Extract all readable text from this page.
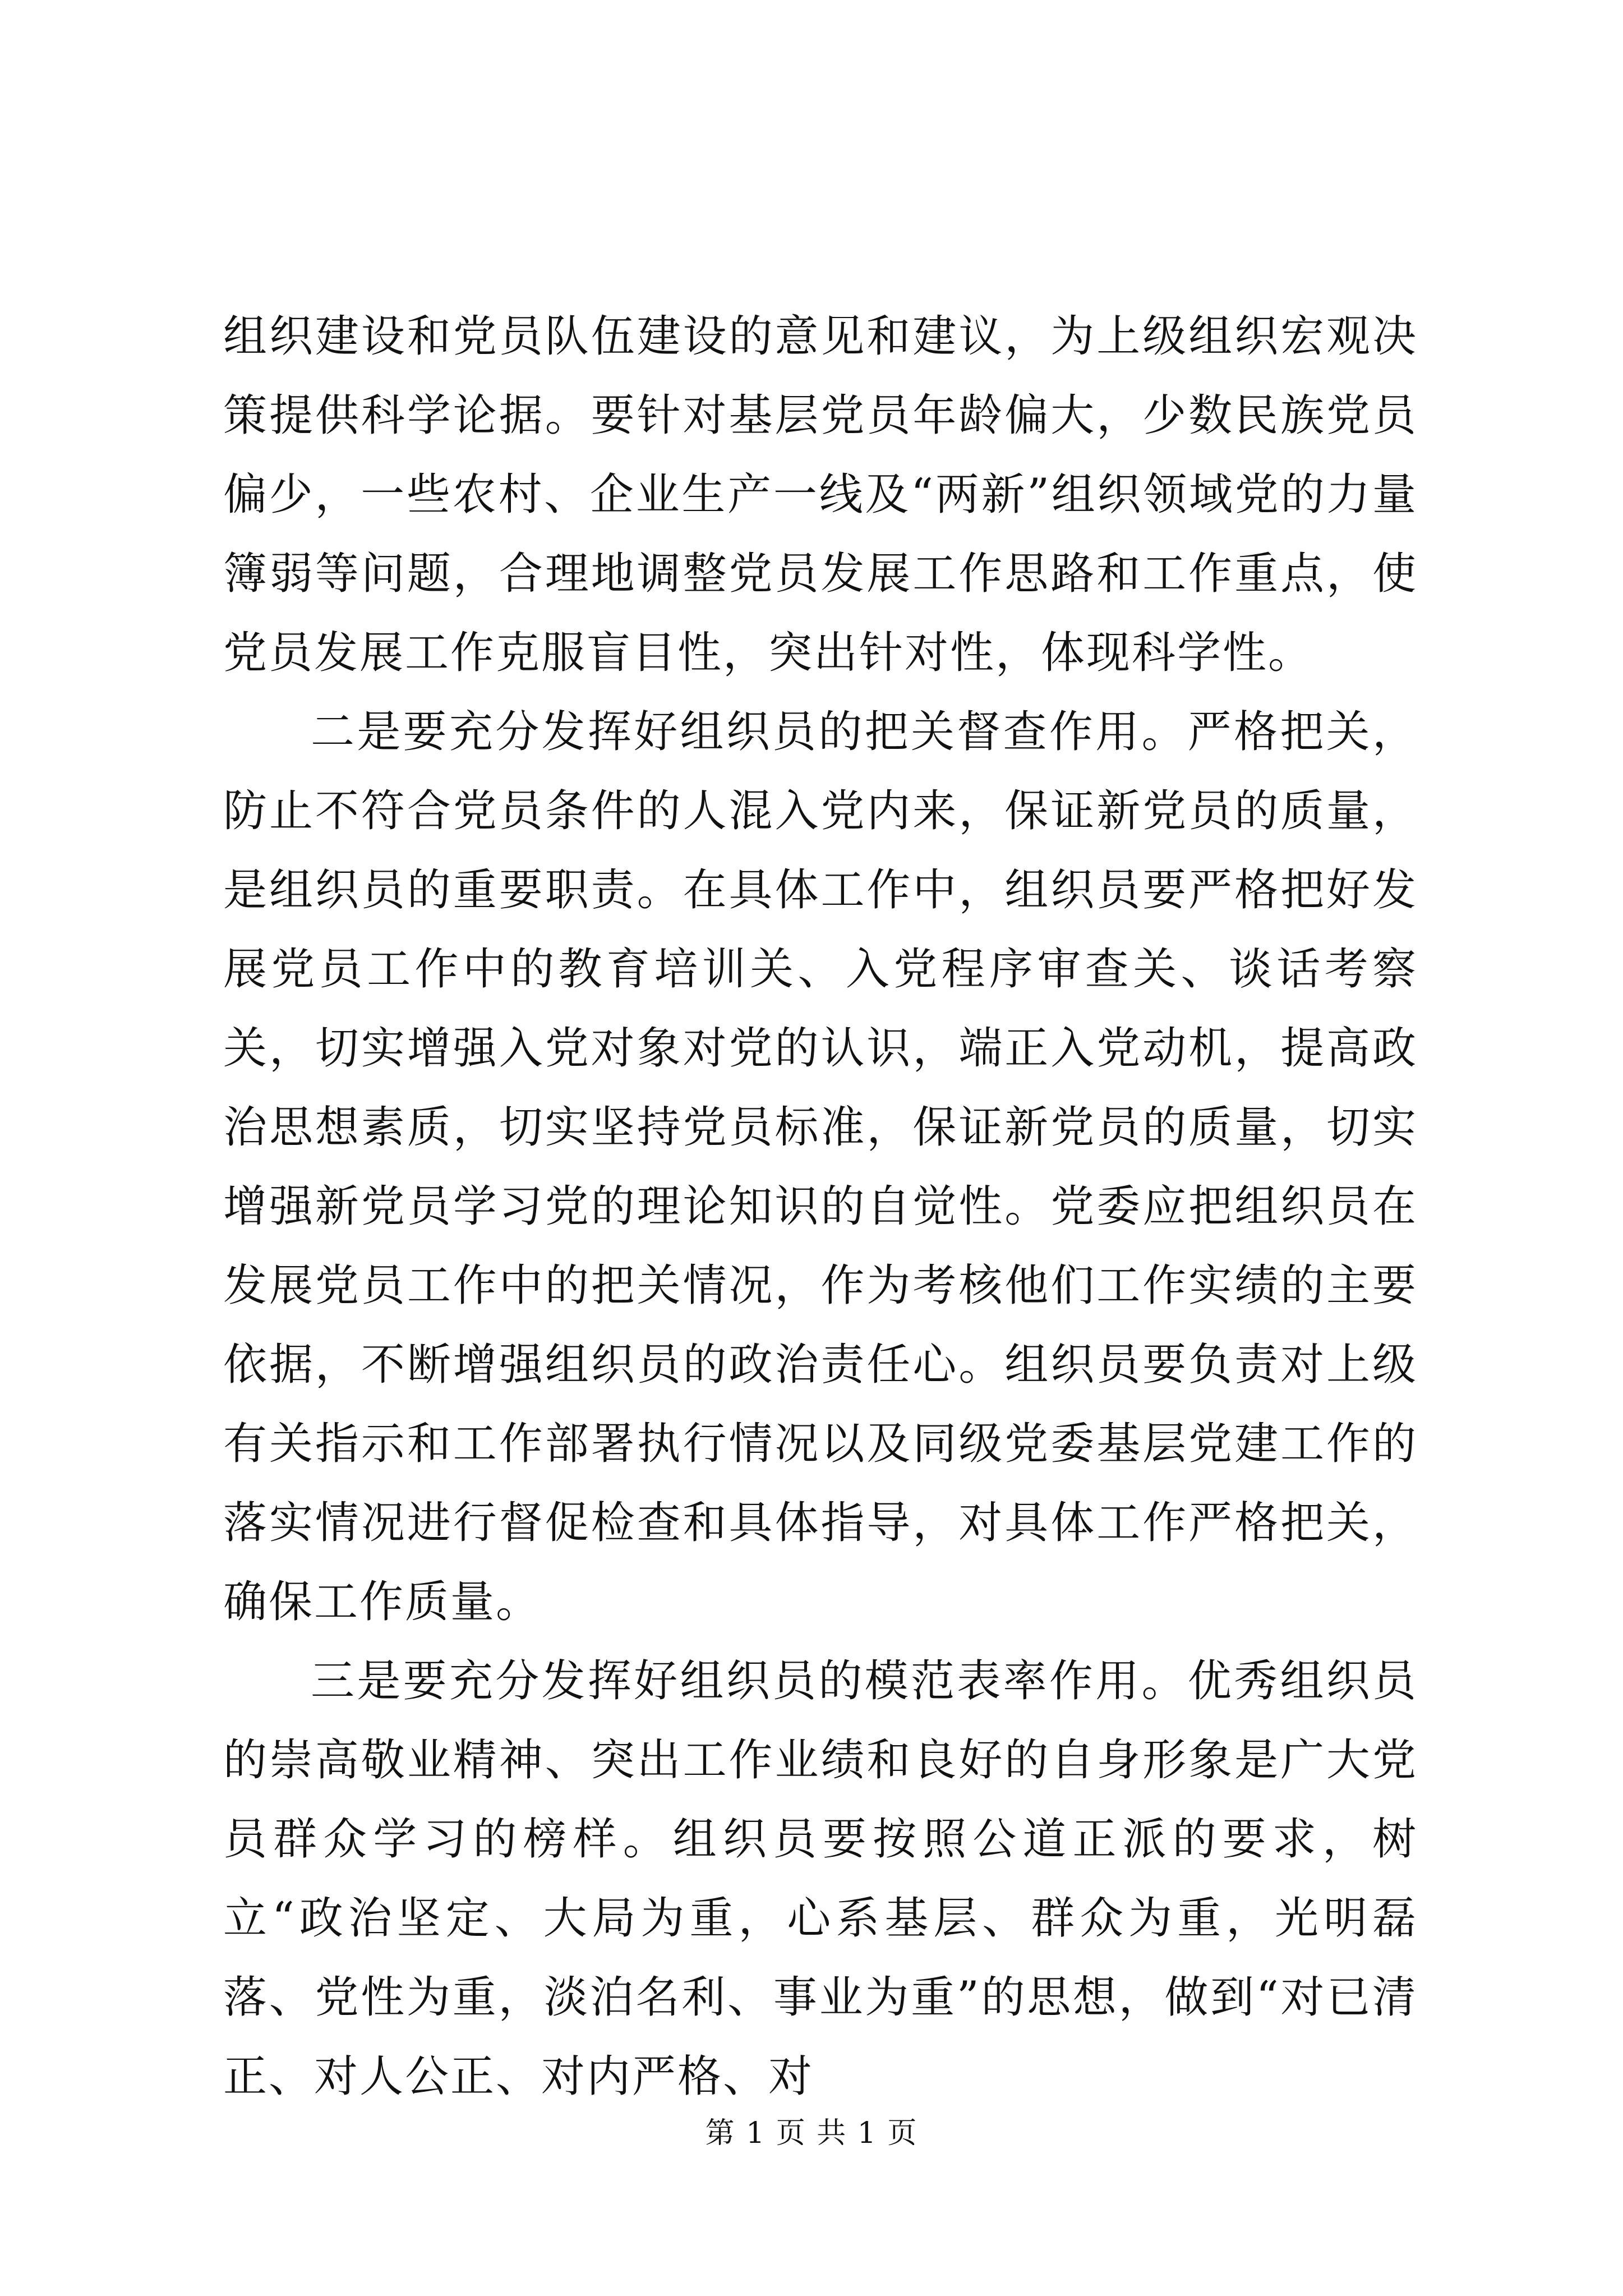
组织建设和党员队伍建设的意见和建议，为上级组织宏观决策提供科学论据。要针对基层党员年龄偏大，少数民族党员偏少，一些农村、企业生产一线及“两新”组织领域党的力量簿弱等问题，合理地调整党员发展工作思路和工作重点，使党员发展工作克服盲目性，突出针对性，体现科学性。

二是要充分发挥好组织员的把关督查作用。严格把关，防止不符合党员条件的人混入党内来，保证新党员的质量，是组织员的重要职责。在具体工作中，组织员要严格把好发展党员工作中的教育培训关、入党程序审查关、谈话考察关，切实增强入党对象对党的认识，端正入党动机，提高政治思想素质，切实坚持党员标准，保证新党员的质量，切实增强新党员学习党的理论知识的自觉性。党委应把组织员在发展党员工作中的把关情况，作为考核他们工作实绩的主要依据，不断增强组织员的政治责任心。组织员要负责对上级有关指示和工作部署执行情况以及同级党委基层党建工作的落实情况进行督促检查和具体指导，对具体工作严格把关，确保工作质量。

三是要充分发挥好组织员的模范表率作用。优秀组织员的崇高敬业精神、突出工作业绩和良好的自身形象是广大党员群众学习的榜样。组织员要按照公道正派的要求，树立“政治坚定、大局为重，心系基层、群众为重，光明磊落、党性为重，淡泊名利、事业为重”的思想，做到“对已清正、对人公正、对内严格、对

第 1 页 共 1 页
